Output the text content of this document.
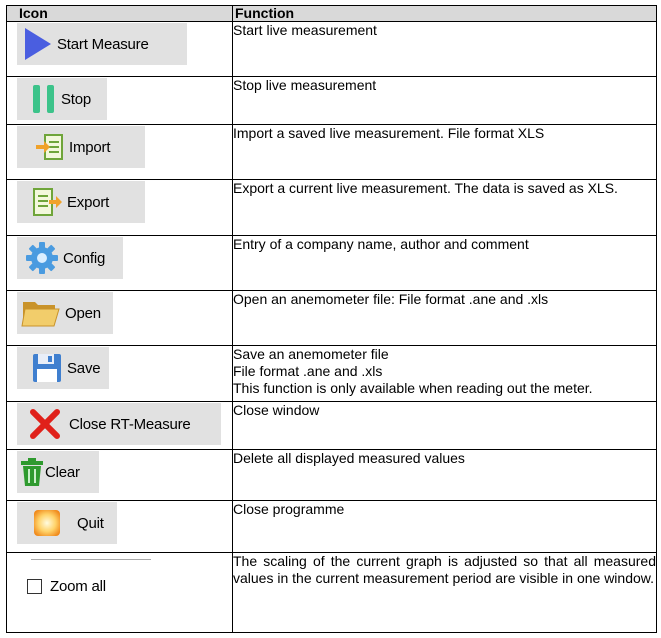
Icon	Function

Start Measure	Start live measurement

Stop	Stop live measurement

Import	Import a saved live measurement. File format XLS

Export	Export a current live measurement. The data is saved as XLS.

Config	Entry of a company name, author and comment

Open	Open an anemometer file: File format .ane and .xls

Save	Save an anemometer file
File format .ane and .xls
This function is only available when reading out the meter.

Close RT-Measure	Close window

Clear	Delete all displayed measured values

Quit	Close programme

Zoom all	The scaling of the current graph is adjusted so that all measured values in the current measurement period are visible in one window.
